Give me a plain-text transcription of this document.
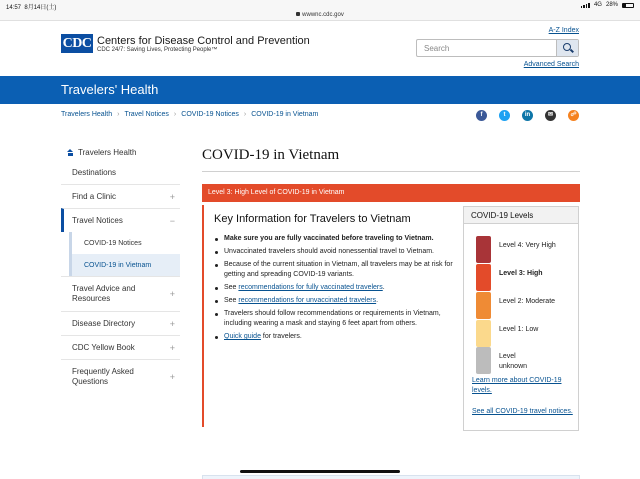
14:57 8月14日(土)	4G 28%
wwwnc.cdc.gov
CDC Centers for Disease Control and Prevention
CDC 24/7: Saving Lives, Protecting People™
A-Z Index
Search
Advanced Search
Travelers' Health
Travelers Health › Travel Notices › COVID-19 Notices › COVID-19 in Vietnam	f	t	in	✉	☍
Travelers Health
Destinations
Find a Clinic	+
Travel Notices	−
COVID-19 Notices
COVID-19 in Vietnam
Travel Advice and Resources	+
Disease Directory	+
CDC Yellow Book	+
Frequently Asked Questions	+
COVID-19 in Vietnam
Level 3: High Level of COVID-19 in Vietnam
Key Information for Travelers to Vietnam
Make sure you are fully vaccinated before traveling to Vietnam.
Unvaccinated travelers should avoid nonessential travel to Vietnam.
Because of the current situation in Vietnam, all travelers may be at risk for getting and spreading COVID-19 variants.
See recommendations for fully vaccinated travelers.
See recommendations for unvaccinated travelers.
Travelers should follow recommendations or requirements in Vietnam, including wearing a mask and staying 6 feet apart from others.
Quick guide for travelers.
COVID-19 Levels
Level 4: Very High
Level 3: High
Level 2: Moderate
Level 1: Low
Level unknown
Learn more about COVID-19 levels.
See all COVID-19 travel notices.
